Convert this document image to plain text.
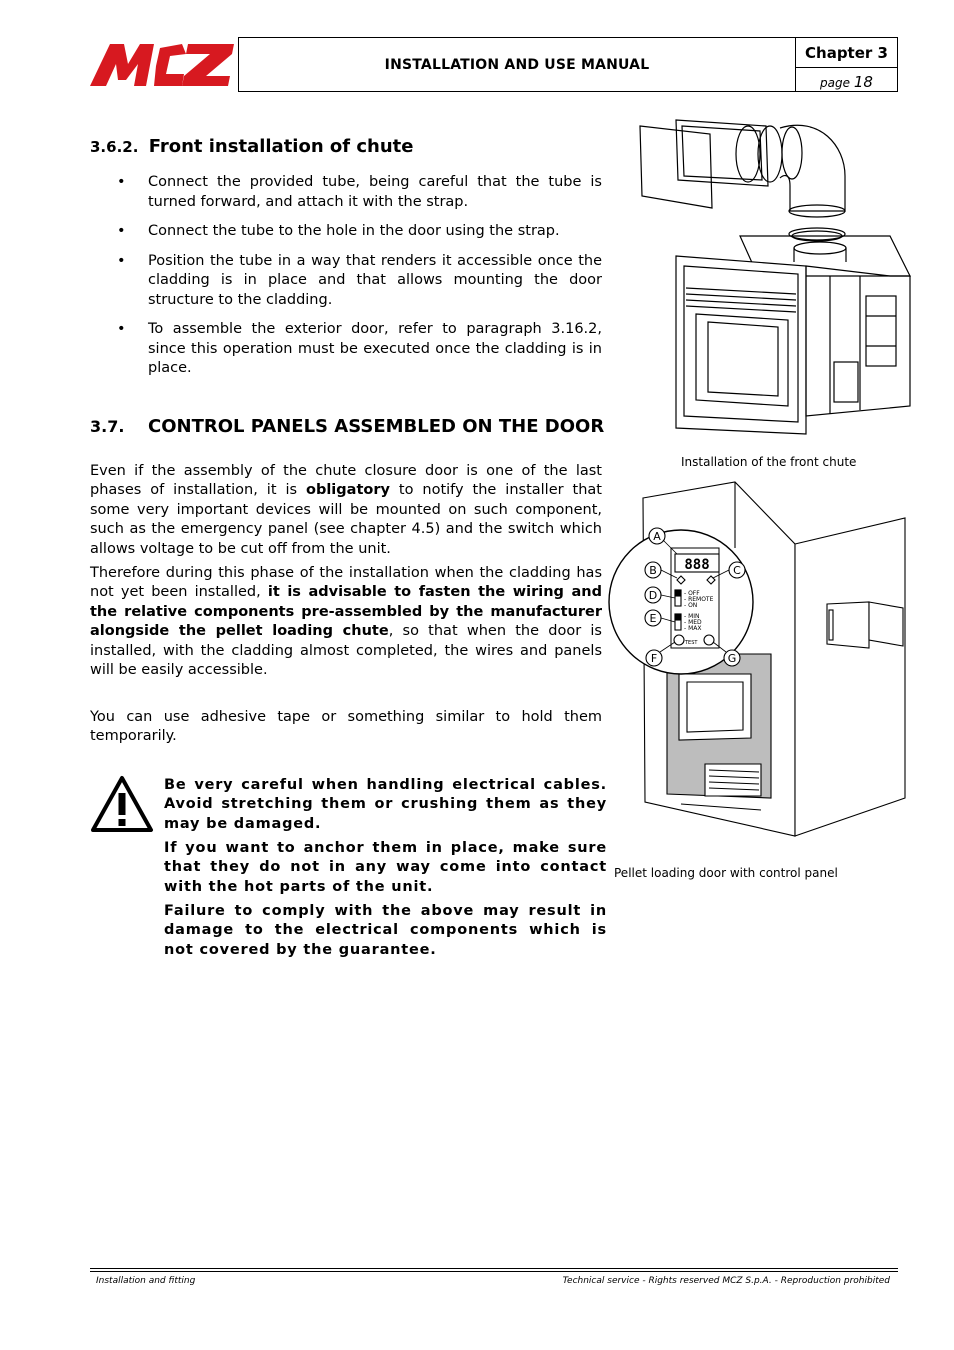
INSTALLATION AND USE MANUAL
Chapter 3
page 18
3.6.2. Front installation of chute
• Connect the provided tube, being careful that the tube is turned forward, and attach it with the strap.
• Connect the tube to the hole in the door using the strap.
• Position the tube in a way that renders it accessible once the cladding is in place and that allows mounting the door structure to the cladding.
• To assemble the exterior door, refer to paragraph 3.16.2, since this operation must be executed once the cladding is in place.
3.7. CONTROL PANELS ASSEMBLED ON THE DOOR
Even if the assembly of the chute closure door is one of the last phases of installation, it is obligatory to notify the installer that some very important devices will be mounted on such component, such as the emergency panel (see chapter 4.5) and the switch which allows voltage to be cut off from the unit.
Therefore during this phase of the installation when the cladding has not yet been installed, it is advisable to fasten the wiring and the relative components pre-assembled by the manufacturer alongside the pellet loading chute, so that when the door is installed, with the cladding almost completed, the wires and panels will be easily accessible.
You can use adhesive tape or something similar to hold them temporarily.
Be very careful when handling electrical cables. Avoid stretching them or crushing them as they may be damaged.
If you want to anchor them in place, make sure that they do not in any way come into contact with the hot parts of the unit.
Failure to comply with the above may result in damage to the electrical components which is not covered by the guarantee.
Installation of the front chute
888
- OFF
- REMOTE
- ON
- MIN
- MED
- MAX
TEST
A
B	C
D
E
F	G
Pellet loading door with control panel
Installation and fitting	Technical service - Rights reserved MCZ S.p.A. - Reproduction prohibited
